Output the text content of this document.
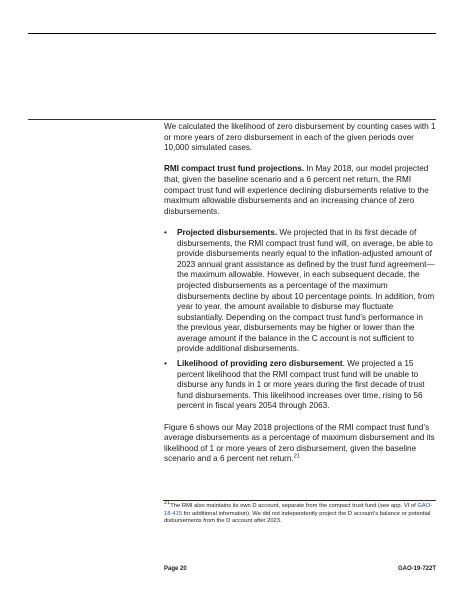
We calculated the likelihood of zero disbursement by counting cases with 1 or more years of zero disbursement in each of the given periods over 10,000 simulated cases.

RMI compact trust fund projections. In May 2018, our model projected that, given the baseline scenario and a 6 percent net return, the RMI compact trust fund will experience declining disbursements relative to the maximum allowable disbursements and an increasing chance of zero disbursements.

• Projected disbursements. We projected that in its first decade of disbursements, the RMI compact trust fund will, on average, be able to provide disbursements nearly equal to the inflation-adjusted amount of 2023 annual grant assistance as defined by the trust fund agreement—the maximum allowable. However, in each subsequent decade, the projected disbursements as a percentage of the maximum disbursements decline by about 10 percentage points. In addition, from year to year, the amount available to disburse may fluctuate substantially. Depending on the compact trust fund’s performance in the previous year, disbursements may be higher or lower than the average amount if the balance in the C account is not sufficient to provide additional disbursements.
• Likelihood of providing zero disbursement. We projected a 15 percent likelihood that the RMI compact trust fund will be unable to disburse any funds in 1 or more years during the first decade of trust fund disbursements. This likelihood increases over time, rising to 56 percent in fiscal years 2054 through 2063.

Figure 6 shows our May 2018 projections of the RMI compact trust fund’s average disbursements as a percentage of maximum disbursement and its likelihood of 1 or more years of zero disbursement, given the baseline scenario and a 6 percent net return.$^{21}$

$^{21}$The RMI also maintains its own D account, separate from the compact trust fund (see app. VI of GAO-18-415 for additional information). We did not independently project the D account’s balance or potential disbursements from the D account after 2023.
Page 20	GAO-19-722T
